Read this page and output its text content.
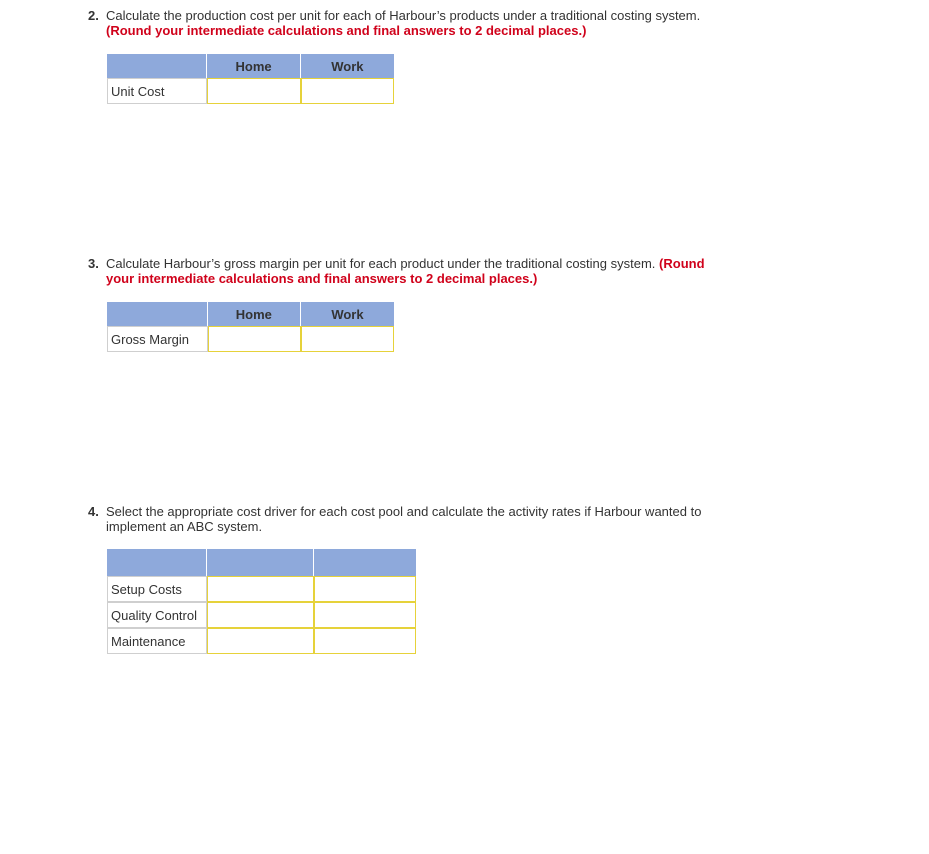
2. Calculate the production cost per unit for each of Harbour’s products under a traditional costing system.
(Round your intermediate calculations and final answers to 2 decimal places.)
	Home	Work
Unit Cost		
3. Calculate Harbour’s gross margin per unit for each product under the traditional costing system. (Round your intermediate calculations and final answers to 2 decimal places.)
	Home	Work
Gross Margin		
4. Select the appropriate cost driver for each cost pool and calculate the activity rates if Harbour wanted to implement an ABC system.

Setup Costs		
Quality Control		
Maintenance		
